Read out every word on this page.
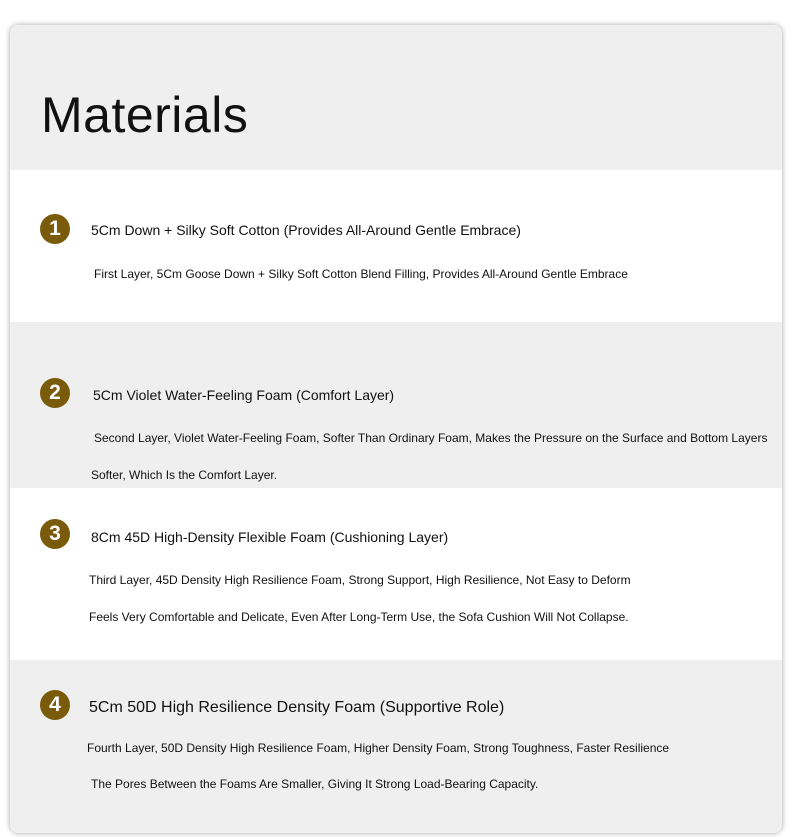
Materials
1	5Cm Down + Silky Soft Cotton (Provides All-Around Gentle Embrace)
First Layer, 5Cm Goose Down + Silky Soft Cotton Blend Filling, Provides All-Around Gentle Embrace
2	5Cm Violet Water-Feeling Foam (Comfort Layer)
Second Layer, Violet Water-Feeling Foam, Softer Than Ordinary Foam, Makes the Pressure on the Surface and Bottom Layers
Softer, Which Is the Comfort Layer.
3	8Cm 45D High-Density Flexible Foam (Cushioning Layer)
Third Layer, 45D Density High Resilience Foam, Strong Support, High Resilience, Not Easy to Deform
Feels Very Comfortable and Delicate, Even After Long-Term Use, the Sofa Cushion Will Not Collapse.
4	5Cm 50D High Resilience Density Foam (Supportive Role)
Fourth Layer, 50D Density High Resilience Foam, Higher Density Foam, Strong Toughness, Faster Resilience
The Pores Between the Foams Are Smaller, Giving It Strong Load-Bearing Capacity.
